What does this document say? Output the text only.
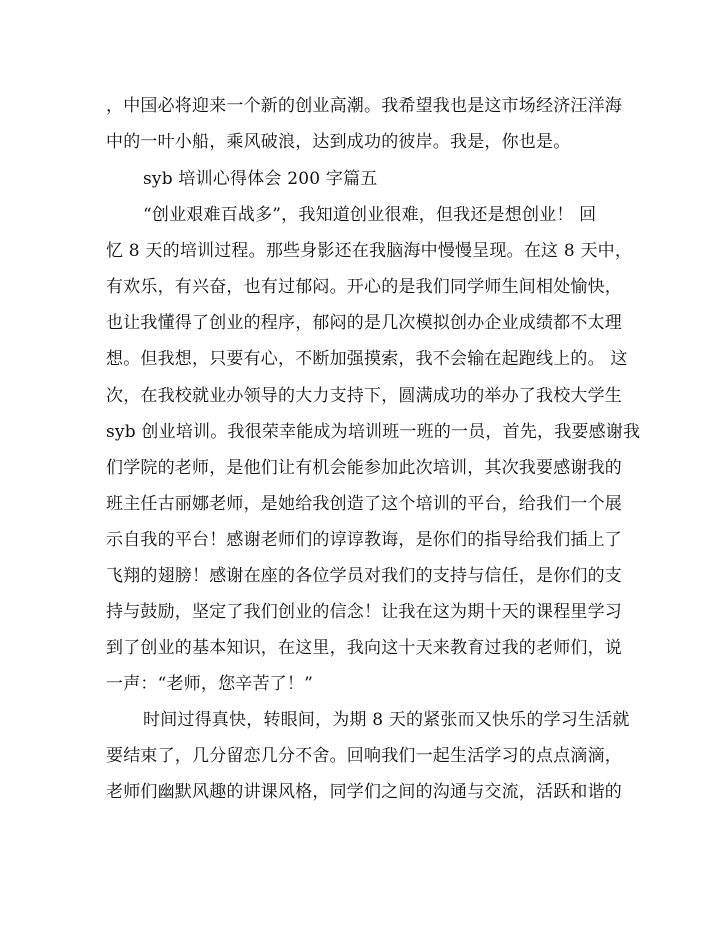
，中国必将迎来一个新的创业高潮。我希望我也是这市场经济汪洋海
中的一叶小船，乘风破浪，达到成功的彼岸。我是，你也是。
syb 培训心得体会 200 字篇五
“创业艰难百战多”，我知道创业很难，但我还是想创业！ 回
忆 8 天的培训过程。那些身影还在我脑海中慢慢呈现。在这 8 天中，
有欢乐，有兴奋，也有过郁闷。开心的是我们同学师生间相处愉快，
也让我懂得了创业的程序，郁闷的是几次模拟创办企业成绩都不太理
想。但我想，只要有心，不断加强摸索，我不会输在起跑线上的。 这
次，在我校就业办领导的大力支持下，圆满成功的举办了我校大学生
syb 创业培训。我很荣幸能成为培训班一班的一员，首先，我要感谢我
们学院的老师，是他们让有机会能参加此次培训，其次我要感谢我的
班主任古丽娜老师，是她给我创造了这个培训的平台，给我们一个展
示自我的平台！感谢老师们的谆谆教诲，是你们的指导给我们插上了
飞翔的翅膀！感谢在座的各位学员对我们的支持与信任，是你们的支
持与鼓励，坚定了我们创业的信念！让我在这为期十天的课程里学习
到了创业的基本知识，在这里，我向这十天来教育过我的老师们，说
一声：“老师，您辛苦了！”
时间过得真快，转眼间，为期 8 天的紧张而又快乐的学习生活就
要结束了，几分留恋几分不舍。回响我们一起生活学习的点点滴滴，
老师们幽默风趣的讲课风格，同学们之间的沟通与交流，活跃和谐的
